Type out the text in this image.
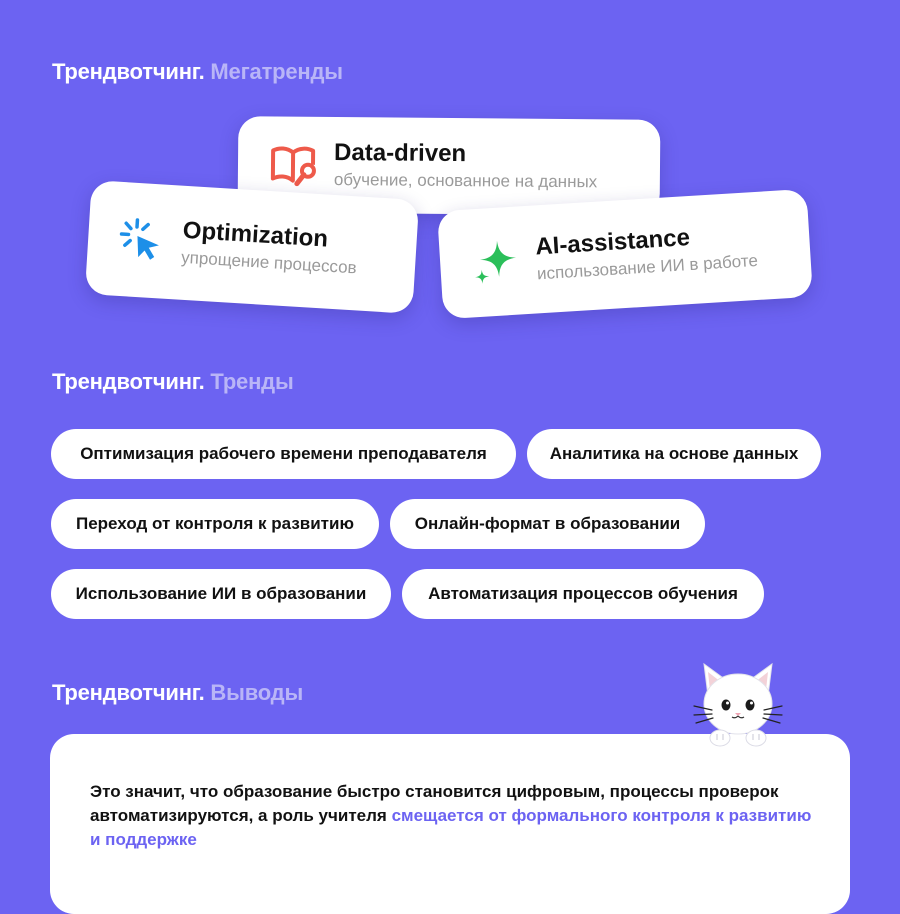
Трендвотчинг. Мегатренды
Data-driven
обучение, основанное на данных
Optimization
упрощение процессов
AI-assistance
использование ИИ в работе
Трендвотчинг. Тренды
Оптимизация рабочего времени преподавателя	Аналитика на основе данных
Переход от контроля к развитию	Онлайн-формат в образовании
Использование ИИ в образовании	Автоматизация процессов обучения
Трендвотчинг. Выводы

Это значит, что образование быстро становится цифровым, процессы проверок автоматизируются, а роль учителя смещается от формального контроля к развитию и поддержке
